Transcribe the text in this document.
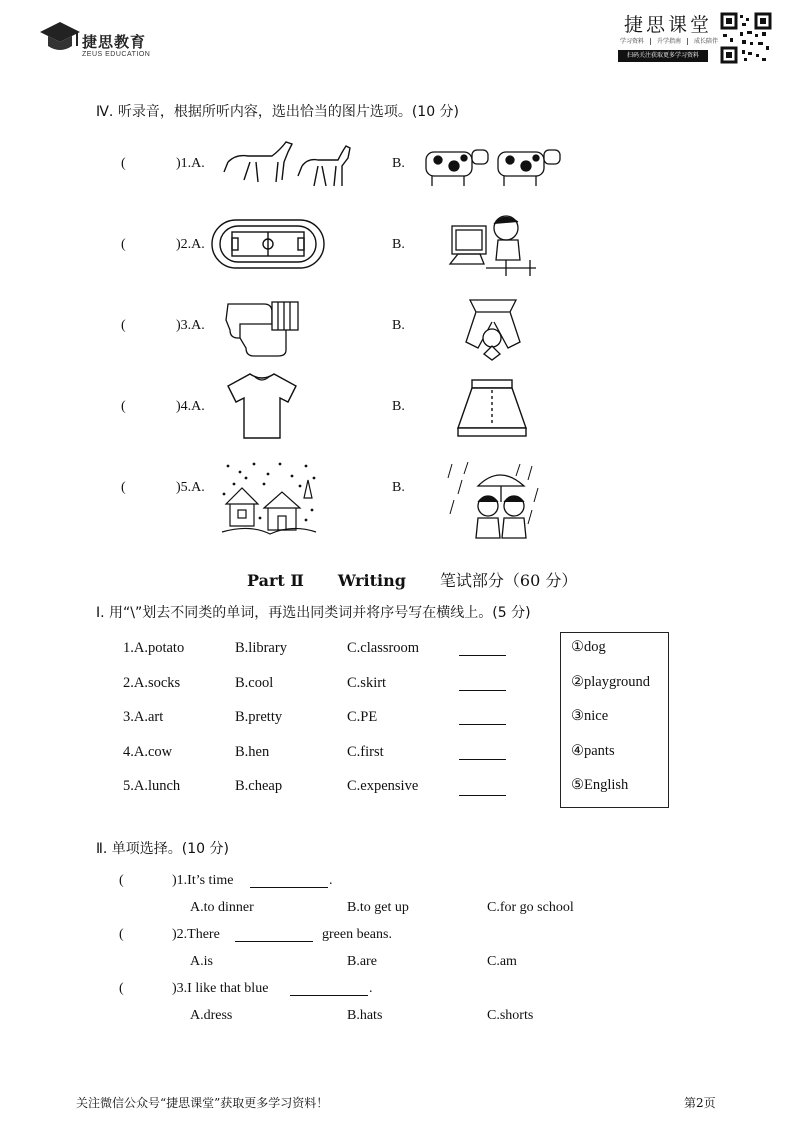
捷思教育
ZEUS EDUCATION
捷思课堂
学习资料 升学指南 成长陪伴
扫码关注获取更多学习资料
Ⅳ. 听录音，根据所听内容，选出恰当的图片选项。(10 分)
(	)1.A.	B.
(	)2.A.	B.
(	)3.A.	B.
(	)4.A.	B.
(	)5.A.	B.
Part Ⅱ Writing 笔试部分（60 分）
Ⅰ. 用“\”划去不同类的单词，再选出同类词并将序号写在横线上。(5 分)
1.A.potato	B.library	C.classroom
2.A.socks	B.cool	C.skirt
3.A.art	B.pretty	C.PE
4.A.cow	B.hen	C.first
5.A.lunch	B.cheap	C.expensive
①dog
②playground
③nice
④pants
⑤English
Ⅱ. 单项选择。(10 分)
(	)1.It’s time	.
A.to dinner	B.to get up	C.for go school
(	)2.There	green beans.
A.is	B.are	C.am
(	)3.I like that blue	.
A.dress	B.hats	C.shorts
关注微信公众号“捷思课堂”获取更多学习资料！	第2页
